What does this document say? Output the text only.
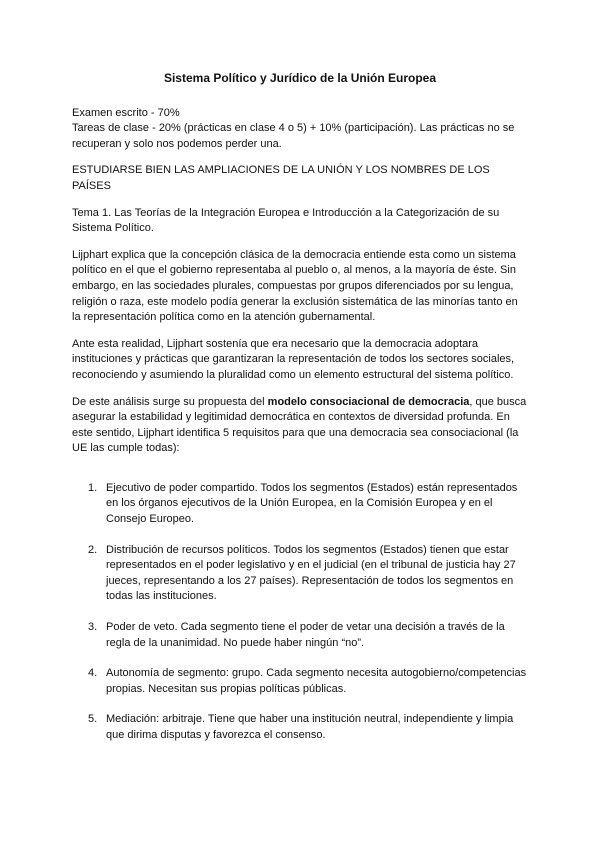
Sistema Político y Jurídico de la Unión Europea

Examen escrito - 70%

Tareas de clase - 20% (prácticas en clase 4 o 5) + 10% (participación). Las prácticas no se recuperan y solo nos podemos perder una.

ESTUDIARSE BIEN LAS AMPLIACIONES DE LA UNIÓN Y LOS NOMBRES DE LOS PAÍSES

Tema 1. Las Teorías de la Integración Europea e Introducción a la Categorización de su Sistema Político.

Lijphart explica que la concepción clásica de la democracia entiende esta como un sistema político en el que el gobierno representaba al pueblo o, al menos, a la mayoría de éste. Sin embargo, en las sociedades plurales, compuestas por grupos diferenciados por su lengua, religión o raza, este modelo podía generar la exclusión sistemática de las minorías tanto en la representación política como en la atención gubernamental.

Ante esta realidad, Lijphart sostenía que era necesario que la democracia adoptara instituciones y prácticas que garantizaran la representación de todos los sectores sociales, reconociendo y asumiendo la pluralidad como un elemento estructural del sistema político.

De este análisis surge su propuesta del modelo consociacional de democracia, que busca asegurar la estabilidad y legitimidad democrática en contextos de diversidad profunda. En este sentido, Lijphart identifica 5 requisitos para que una democracia sea consociacional (la UE las cumple todas):

1. Ejecutivo de poder compartido. Todos los segmentos (Estados) están representados en los órganos ejecutivos de la Unión Europea, en la Comisión Europea y en el Consejo Europeo.
2. Distribución de recursos políticos. Todos los segmentos (Estados) tienen que estar representados en el poder legislativo y en el judicial (en el tribunal de justicia hay 27 jueces, representando a los 27 países). Representación de todos los segmentos en todas las instituciones.
3. Poder de veto. Cada segmento tiene el poder de vetar una decisión a través de la regla de la unanimidad. No puede haber ningún “no”.
4. Autonomía de segmento: grupo. Cada segmento necesita autogobierno/competencias propias. Necesitan sus propias políticas públicas.
5. Mediación: arbitraje. Tiene que haber una institución neutral, independiente y limpia que dirima disputas y favorezca el consenso.
